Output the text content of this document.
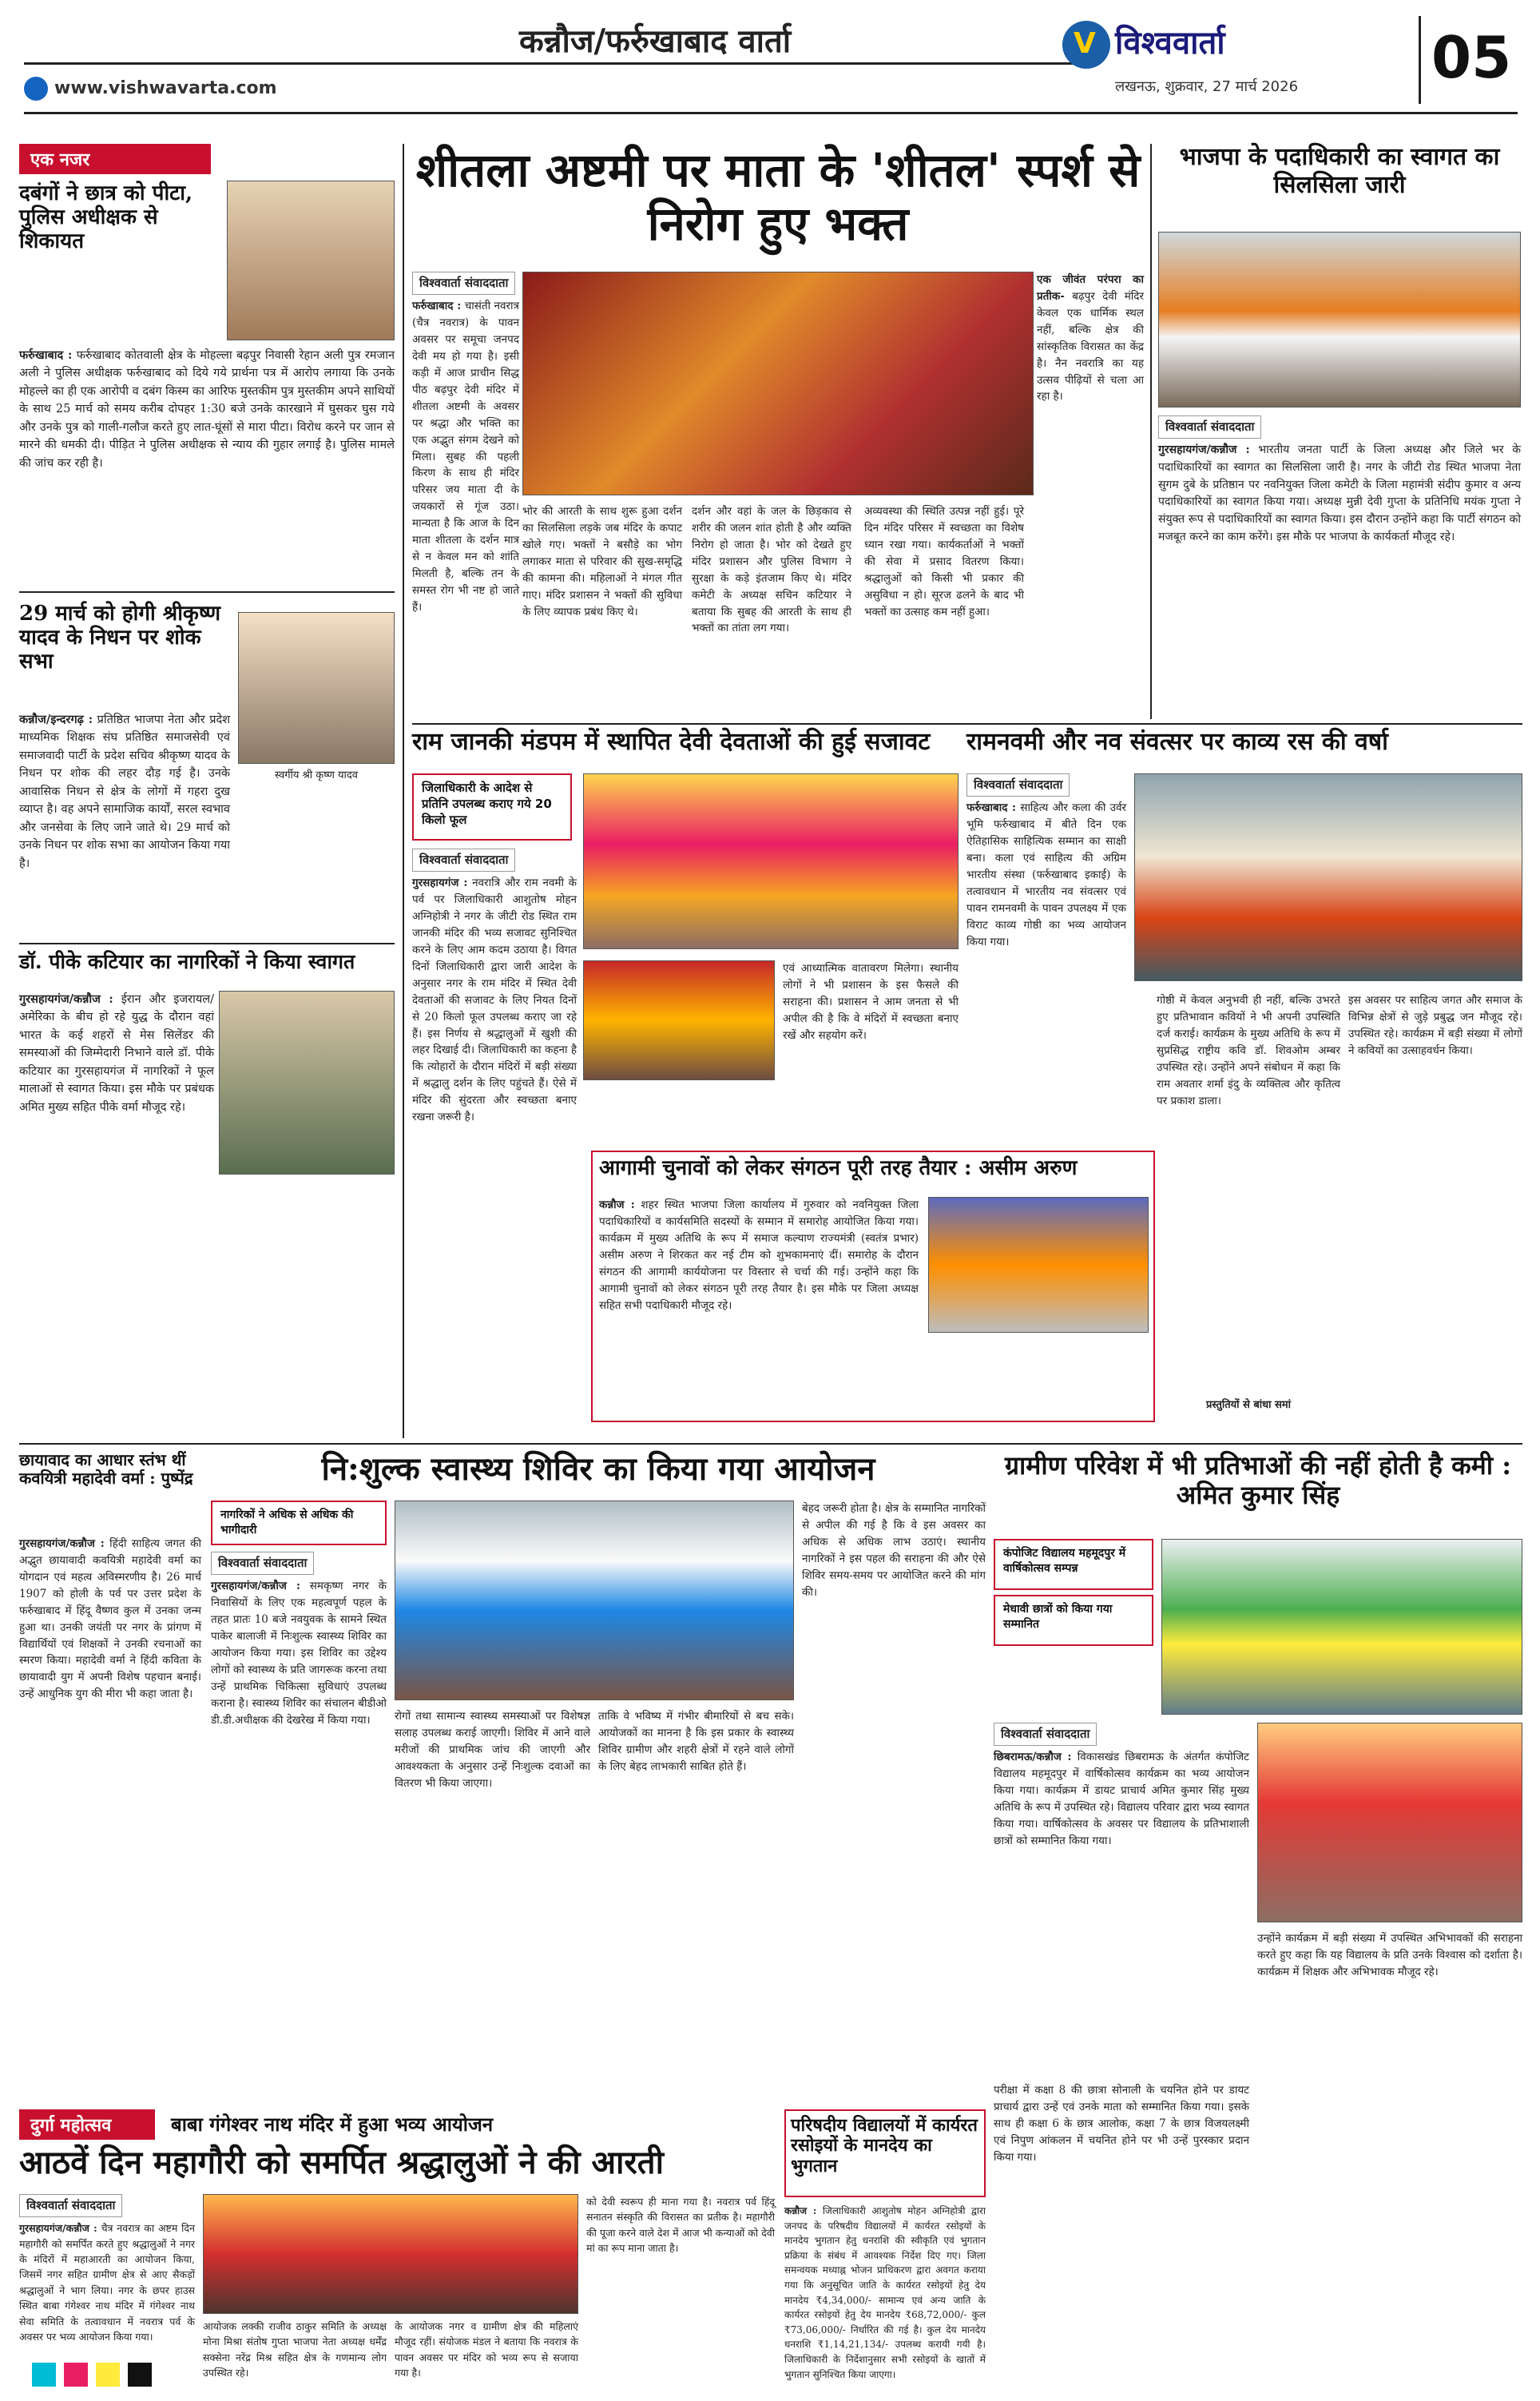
कन्नौज/फर्रुखाबाद वार्ता
www.vishwavarta.com
V विश्ववार्ता
लखनऊ, शुक्रवार, 27 मार्च 2026	05
एक नजर
दबंगों ने छात्र को पीटा, पुलिस अधीक्षक से शिकायत
फर्रुखाबाद : फर्रुखाबाद कोतवाली क्षेत्र के मोहल्ला बढ़पुर निवासी रेहान अली पुत्र रमजान अली ने पुलिस अधीक्षक फर्रुखाबाद को दिये गये प्रार्थना पत्र में आरोप लगाया कि उनके मोहल्ले का ही एक आरोपी व दबंग किस्म का आरिफ मुस्तकीम पुत्र मुस्तकीम अपने साथियों के साथ 25 मार्च को समय करीब दोपहर 1:30 बजे उनके कारखाने में घुसकर घुस गये और उनके पुत्र को गाली-गलौज करते हुए लात-घूंसों से मारा पीटा। विरोध करने पर जान से मारने की धमकी दी। पीड़ित ने पुलिस अधीक्षक से न्याय की गुहार लगाई है। पुलिस मामले की जांच कर रही है।
29 मार्च को होगी श्रीकृष्ण यादव के निधन पर शोक सभा
स्वर्गीय श्री कृष्ण यादव
कन्नौज/इन्दरगढ़ : प्रतिष्ठित भाजपा नेता और प्रदेश माध्यमिक शिक्षक संघ प्रतिष्ठित समाजसेवी एवं समाजवादी पार्टी के प्रदेश सचिव श्रीकृष्ण यादव के निधन पर शोक की लहर दौड़ गई है। उनके आवासिक निधन से क्षेत्र के लोगों में गहरा दुख व्याप्त है। वह अपने सामाजिक कार्यों, सरल स्वभाव और जनसेवा के लिए जाने जाते थे। 29 मार्च को उनके निधन पर शोक सभा का आयोजन किया गया है।
डॉ. पीके कटियार का नागरिकों ने किया स्वागत
गुरसहायगंज/कन्नौज : ईरान और इजरायल/अमेरिका के बीच हो रहे युद्ध के दौरान वहां भारत के कई शहरों से मेस सिलेंडर की समस्याओं की जिम्मेदारी निभाने वाले डॉ. पीके कटियार का गुरसहायगंज में नागरिकों ने फूल मालाओं से स्वागत किया। इस मौके पर प्रबंधक अमित मुख्य सहित पीके वर्मा मौजूद रहे।
शीतला अष्टमी पर माता के 'शीतल' स्पर्श से निरोग हुए भक्त
विश्ववार्ता संवाददाता
फर्रुखाबाद : चासंती नवरात्र (चैत्र नवरात्र) के पावन अवसर पर समूचा जनपद देवी मय हो गया है। इसी कड़ी में आज प्राचीन सिद्ध पीठ बढ़पुर देवी मंदिर में शीतला अष्टमी के अवसर पर श्रद्धा और भक्ति का एक अद्भुत संगम देखने को मिला। सुबह की पहली किरण के साथ ही मंदिर परिसर जय माता दी के जयकारों से गूंज उठा। मान्यता है कि आज के दिन माता शीतला के दर्शन मात्र से न केवल मन को शांति मिलती है, बल्कि तन के समस्त रोग भी नष्ट हो जाते हैं।
भोर की आरती के साथ शुरू हुआ दर्शन का सिलसिला लड़के जब मंदिर के कपाट खोले गए। भक्तों ने बसौड़े का भोग लगाकर माता से परिवार की सुख-समृद्धि की कामना की। महिलाओं ने मंगल गीत गाए। मंदिर प्रशासन ने भक्तों की सुविधा के लिए व्यापक प्रबंध किए थे।
दर्शन और वहां के जल के छिड़काव से शरीर की जलन शांत होती है और व्यक्ति निरोग हो जाता है। भोर को देखते हुए मंदिर प्रशासन और पुलिस विभाग ने सुरक्षा के कड़े इंतजाम किए थे। मंदिर कमेटी के अध्यक्ष सचिन कटियार ने बताया कि सुबह की आरती के साथ ही भक्तों का तांता लग गया।
अव्यवस्था की स्थिति उत्पन्न नहीं हुई। पूरे दिन मंदिर परिसर में स्वच्छता का विशेष ध्यान रखा गया। कार्यकर्ताओं ने भक्तों की सेवा में प्रसाद वितरण किया। श्रद्धालुओं को किसी भी प्रकार की असुविधा न हो। सूरज ढलने के बाद भी भक्तों का उत्साह कम नहीं हुआ।
एक जीवंत परंपरा का प्रतीक- बढ़पुर देवी मंदिर केवल एक धार्मिक स्थल नहीं, बल्कि क्षेत्र की सांस्कृतिक विरासत का केंद्र है। नैन नवरात्रि का यह उत्सव पीढ़ियों से चला आ रहा है।
भाजपा के पदाधिकारी का स्वागत का सिलसिला जारी
विश्ववार्ता संवाददाता
गुरसहायगंज/कन्नौज : भारतीय जनता पार्टी के जिला अध्यक्ष और जिले भर के पदाधिकारियों का स्वागत का सिलसिला जारी है। नगर के जीटी रोड स्थित भाजपा नेता सुगम दुबे के प्रतिष्ठान पर नवनियुक्त जिला कमेटी के जिला महामंत्री संदीप कुमार व अन्य पदाधिकारियों का स्वागत किया गया। अध्यक्ष मुन्नी देवी गुप्ता के प्रतिनिधि मयंक गुप्ता ने संयुक्त रूप से पदाधिकारियों का स्वागत किया। इस दौरान उन्होंने कहा कि पार्टी संगठन को मजबूत करने का काम करेंगे। इस मौके पर भाजपा के कार्यकर्ता मौजूद रहे।
राम जानकी मंडपम में स्थापित देवी देवताओं की हुई सजावट
जिलाधिकारी के आदेश से प्रतिनि उपलब्ध कराए गये 20 किलो फूल
विश्ववार्ता संवाददाता
गुरसहायगंज : नवरात्रि और राम नवमी के पर्व पर जिलाधिकारी आशुतोष मोहन अग्निहोत्री ने नगर के जीटी रोड स्थित राम जानकी मंदिर की भव्य सजावट सुनिश्चित करने के लिए आम कदम उठाया है। विगत दिनों जिलाधिकारी द्वारा जारी आदेश के अनुसार नगर के राम मंदिर में स्थित देवी देवताओं की सजावट के लिए नियत दिनों से 20 किलो फूल उपलब्ध कराए जा रहे हैं। इस निर्णय से श्रद्धालुओं में खुशी की लहर दिखाई दी। जिलाधिकारी का कहना है कि त्योहारों के दौरान मंदिरों में बड़ी संख्या में श्रद्धालु दर्शन के लिए पहुंचते हैं। ऐसे में मंदिर की सुंदरता और स्वच्छता बनाए रखना जरूरी है।
एवं आध्यात्मिक वातावरण मिलेगा। स्थानीय लोगों ने भी प्रशासन के इस फैसले की सराहना की। प्रशासन ने आम जनता से भी अपील की है कि वे मंदिरों में स्वच्छता बनाए रखें और सहयोग करें।
रामनवमी और नव संवत्सर पर काव्य रस की वर्षा
विश्ववार्ता संवाददाता
फर्रुखाबाद : साहित्य और कला की उर्वर भूमि फर्रुखाबाद में बीते दिन एक ऐतिहासिक साहित्यिक सम्मान का साक्षी बना। कला एवं साहित्य की अग्रिम भारतीय संस्था (फर्रुखाबाद इकाई) के तत्वावधान में भारतीय नव संवत्सर एवं पावन रामनवमी के पावन उपलक्ष्य में एक विराट काव्य गोष्ठी का भव्य आयोजन किया गया।
गोष्ठी में केवल अनुभवी ही नहीं, बल्कि उभरते हुए प्रतिभावान कवियों ने भी अपनी उपस्थिति दर्ज कराई। कार्यक्रम के मुख्य अतिथि के रूप में सुप्रसिद्ध राष्ट्रीय कवि डॉ. शिवओम अम्बर उपस्थित रहे। उन्होंने अपने संबोधन में कहा कि राम अवतार शर्मा इंदु के व्यक्तित्व और कृतित्व पर प्रकाश डाला।
इस अवसर पर साहित्य जगत और समाज के विभिन्न क्षेत्रों से जुड़े प्रबुद्ध जन मौजूद रहे। उपस्थित रहे। कार्यक्रम में बड़ी संख्या में लोगों ने कवियों का उत्साहवर्धन किया।
प्रस्तुतियों से बांधा समां
आगामी चुनावों को लेकर संगठन पूरी तरह तैयार : असीम अरुण
कन्नौज : शहर स्थित भाजपा जिला कार्यालय में गुरुवार को नवनियुक्त जिला पदाधिकारियों व कार्यसमिति सदस्यों के सम्मान में समारोह आयोजित किया गया। कार्यक्रम में मुख्य अतिथि के रूप में समाज कल्याण राज्यमंत्री (स्वतंत्र प्रभार) असीम अरुण ने शिरकत कर नई टीम को शुभकामनाएं दीं। समारोह के दौरान संगठन की आगामी कार्ययोजना पर विस्तार से चर्चा की गई। उन्होंने कहा कि आगामी चुनावों को लेकर संगठन पूरी तरह तैयार है। इस मौके पर जिला अध्यक्ष सहित सभी पदाधिकारी मौजूद रहे।
छायावाद का आधार स्तंभ थीं कवयित्री महादेवी वर्मा : पुष्पेंद्र
गुरसहायगंज/कन्नौज : हिंदी साहित्य जगत की अद्भुत छायावादी कवयित्री महादेवी वर्मा का योगदान एवं महत्व अविस्मरणीय है। 26 मार्च 1907 को होली के पर्व पर उत्तर प्रदेश के फर्रुखाबाद में हिंदू वैष्णव कुल में उनका जन्म हुआ था। उनकी जयंती पर नगर के प्रांगण में विद्यार्थियों एवं शिक्षकों ने उनकी रचनाओं का स्मरण किया। महादेवी वर्मा ने हिंदी कविता के छायावादी युग में अपनी विशेष पहचान बनाई। उन्हें आधुनिक युग की मीरा भी कहा जाता है।
नि:शुल्क स्वास्थ्य शिविर का किया गया आयोजन
नागरिकों ने अधिक से अधिक की भागीदारी
विश्ववार्ता संवाददाता
गुरसहायगंज/कन्नौज : समकृष्ण नगर के निवासियों के लिए एक महत्वपूर्ण पहल के तहत प्रातः 10 बजे नवयुवक के सामने स्थित पाकेर बालाजी में निःशुल्क स्वास्थ्य शिविर का आयोजन किया गया। इस शिविर का उद्देश्य लोगों को स्वास्थ्य के प्रति जागरूक करना तथा उन्हें प्राथमिक चिकित्सा सुविधाएं उपलब्ध कराना है। स्वास्थ्य शिविर का संचालन बीडीओ डी.डी.अधीक्षक की देखरेख में किया गया।	रोगों तथा सामान्य स्वास्थ्य समस्याओं पर विशेषज्ञ सलाह उपलब्ध कराई जाएगी। शिविर में आने वाले मरीजों की प्राथमिक जांच की जाएगी और आवश्यकता के अनुसार उन्हें निःशुल्क दवाओं का वितरण भी किया जाएगा।
ताकि वे भविष्य में गंभीर बीमारियों से बच सके। आयोजकों का मानना है कि इस प्रकार के स्वास्थ्य शिविर ग्रामीण और शहरी क्षेत्रों में रहने वाले लोगों के लिए बेहद लाभकारी साबित होते हैं।
बेहद जरूरी होता है। क्षेत्र के सम्मानित नागरिकों से अपील की गई है कि वे इस अवसर का अधिक से अधिक लाभ उठाएं। स्थानीय नागरिकों ने इस पहल की सराहना की और ऐसे शिविर समय-समय पर आयोजित करने की मांग की।
ग्रामीण परिवेश में भी प्रतिभाओं की नहीं होती है कमी : अमित कुमार सिंह
कंपोजिट विद्यालय महमूदपुर में वार्षिकोत्सव सम्पन्न
मेधावी छात्रों को किया गया सम्मानित
विश्ववार्ता संवाददाता
छिबरामऊ/कन्नौज : विकासखंड छिबरामऊ के अंतर्गत कंपोजिट विद्यालय महमूदपुर में वार्षिकोत्सव कार्यक्रम का भव्य आयोजन किया गया। कार्यक्रम में डायट प्राचार्य अमित कुमार सिंह मुख्य अतिथि के रूप में उपस्थित रहे। विद्यालय परिवार द्वारा भव्य स्वागत किया गया। वार्षिकोत्सव के अवसर पर विद्यालय के प्रतिभाशाली छात्रों को सम्मानित किया गया।
परीक्षा में कक्षा 8 की छात्रा सोनाली के चयनित होने पर डायट प्राचार्य द्वारा उन्हें एवं उनके माता को सम्मानित किया गया। इसके साथ ही कक्षा 6 के छात्र आलोक, कक्षा 7 के छात्र विजयलक्ष्मी एवं निपुण आंकलन में चयनित होने पर भी उन्हें पुरस्कार प्रदान किया गया।
उन्होंने कार्यक्रम में बड़ी संख्या में उपस्थित अभिभावकों की सराहना करते हुए कहा कि यह विद्यालय के प्रति उनके विश्वास को दर्शाता है। कार्यक्रम में शिक्षक और अभिभावक मौजूद रहे।
दुर्गा महोत्सव	बाबा गंगेश्वर नाथ मंदिर में हुआ भव्य आयोजन
आठवें दिन महागौरी को समर्पित श्रद्धालुओं ने की आरती
विश्ववार्ता संवाददाता
गुरसहायगंज/कन्नौज : चैत्र नवरात्र का अष्टम दिन महागौरी को समर्पित करते हुए श्रद्धालुओं ने नगर के मंदिरों में महाआरती का आयोजन किया, जिसमें नगर सहित ग्रामीण क्षेत्र से आए सैकड़ों श्रद्धालुओं ने भाग लिया। नगर के छपर हाउस स्थित बाबा गंगेश्वर नाथ मंदिर में गंगेश्वर नाथ सेवा समिति के तत्वावधान में नवरात्र पर्व के अवसर पर भव्य आयोजन किया गया।
आयोजक लक्की राजीव ठाकुर समिति के अध्यक्ष मोना मिश्रा संतोष गुप्ता भाजपा नेता अध्यक्ष धर्मेंद्र सक्सेना नरेंद्र मिश्र सहित क्षेत्र के गणमान्य लोग उपस्थित रहे।
के आयोजक नगर व ग्रामीण क्षेत्र की महिलाएं मौजूद रहीं। संयोजक मंडल ने बताया कि नवरात्र के पावन अवसर पर मंदिर को भव्य रूप से सजाया गया है।
को देवी स्वरूप ही माना गया है। नवरात्र पर्व हिंदू सनातन संस्कृति की विरासत का प्रतीक है। महागौरी की पूजा करने वाले देश में आज भी कन्याओं को देवी मां का रूप माना जाता है।
परिषदीय विद्यालयों में कार्यरत रसोइयों के मानदेय का भुगतान
कन्नौज : जिलाधिकारी आशुतोष मोहन अग्निहोत्री द्वारा जनपद के परिषदीय विद्यालयों में कार्यरत रसोइयों के मानदेय भुगतान हेतु धनराशि की स्वीकृति एवं भुगतान प्रक्रिया के संबंध में आवश्यक निर्देश दिए गए। जिला समन्वयक मध्याह्न भोजन प्राधिकरण द्वारा अवगत कराया गया कि अनुसूचित जाति के कार्यरत रसोइयों हेतु देय मानदेय ₹4,34,000/- सामान्य एवं अन्य जाति के कार्यरत रसोइयों हेतु देय मानदेय ₹68,72,000/- कुल ₹73,06,000/- निर्धारित की गई है। कुल देय मानदेय धनराशि ₹1,14,21,134/- उपलब्ध करायी गयी है। जिलाधिकारी के निर्देशानुसार सभी रसोइयों के खातों में भुगतान सुनिश्चित किया जाएगा।
